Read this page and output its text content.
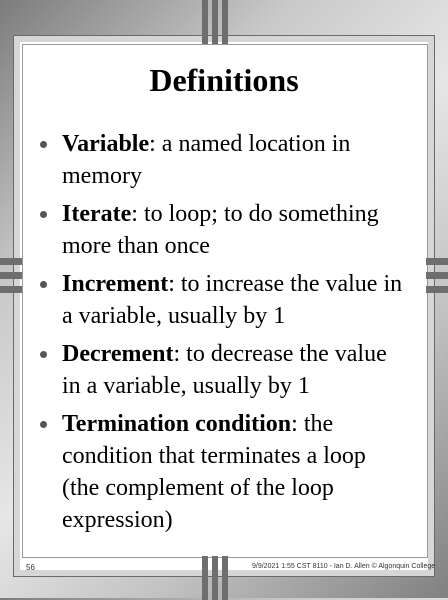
Definitions
Variable: a named location in memory
Iterate: to loop; to do something more than once
Increment: to increase the value in a variable, usually by 1
Decrement: to decrease the value in a variable, usually by 1
Termination condition: the condition that terminates a loop (the complement of the loop expression)
56	9/9/2021 1:55 CST 8110 - Ian D. Allen © Algonquin College
